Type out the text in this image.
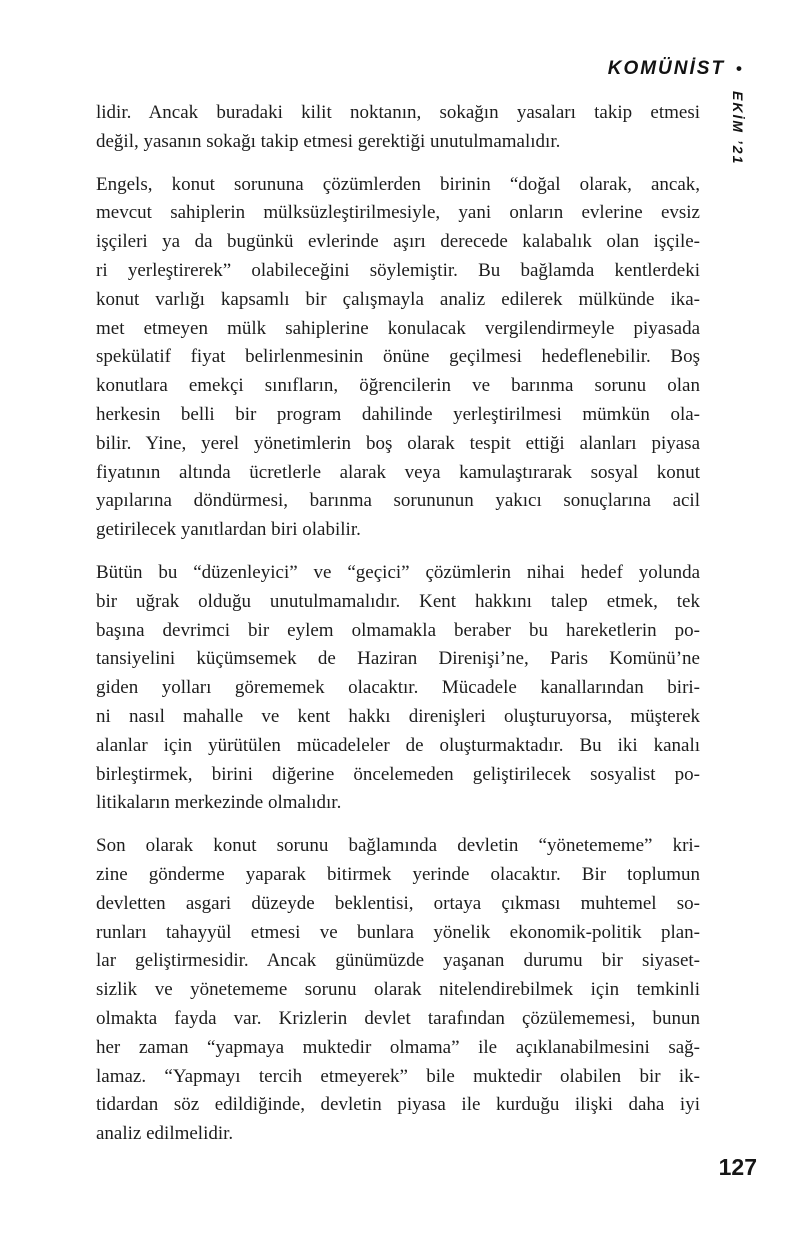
KOMÜNİST •
EKİM ’21
lidir. Ancak buradaki kilit noktanın, sokağın yasaları takip etmesi
değil, yasanın sokağı takip etmesi gerektiği unutulmamalıdır.
Engels, konut sorununa çözümlerden birinin “doğal olarak, ancak,
mevcut sahiplerin mülksüzleştirilmesiyle, yani onların evlerine evsiz
işçileri ya da bugünkü evlerinde aşırı derecede kalabalık olan işçile-
ri yerleştirerek” olabileceğini söylemiştir. Bu bağlamda kentlerdeki
konut varlığı kapsamlı bir çalışmayla analiz edilerek mülkünde ika-
met etmeyen mülk sahiplerine konulacak vergilendirmeyle piyasada
spekülatif fiyat belirlenmesinin önüne geçilmesi hedeflenebilir. Boş
konutlara emekçi sınıfların, öğrencilerin ve barınma sorunu olan
herkesin belli bir program dahilinde yerleştirilmesi mümkün ola-
bilir. Yine, yerel yönetimlerin boş olarak tespit ettiği alanları piyasa
fiyatının altında ücretlerle alarak veya kamulaştırarak sosyal konut
yapılarına döndürmesi, barınma sorununun yakıcı sonuçlarına acil
getirilecek yanıtlardan biri olabilir.
Bütün bu “düzenleyici” ve “geçici” çözümlerin nihai hedef yolunda
bir uğrak olduğu unutulmamalıdır. Kent hakkını talep etmek, tek
başına devrimci bir eylem olmamakla beraber bu hareketlerin po-
tansiyelini küçümsemek de Haziran Direnişi’ne, Paris Komünü’ne
giden yolları görememek olacaktır. Mücadele kanallarından biri-
ni nasıl mahalle ve kent hakkı direnişleri oluşturuyorsa, müşterek
alanlar için yürütülen mücadeleler de oluşturmaktadır. Bu iki kanalı
birleştirmek, birini diğerine öncelemeden geliştirilecek sosyalist po-
litikaların merkezinde olmalıdır.
Son olarak konut sorunu bağlamında devletin “yönetememe” kri-
zine gönderme yaparak bitirmek yerinde olacaktır. Bir toplumun
devletten asgari düzeyde beklentisi, ortaya çıkması muhtemel so-
runları tahayyül etmesi ve bunlara yönelik ekonomik-politik plan-
lar geliştirmesidir. Ancak günümüzde yaşanan durumu bir siyaset-
sizlik ve yönetememe sorunu olarak nitelendirebilmek için temkinli
olmakta fayda var. Krizlerin devlet tarafından çözülememesi, bunun
her zaman “yapmaya muktedir olmama” ile açıklanabilmesini sağ-
lamaz. “Yapmayı tercih etmeyerek” bile muktedir olabilen bir ik-
tidardan söz edildiğinde, devletin piyasa ile kurduğu ilişki daha iyi
analiz edilmelidir.
127
